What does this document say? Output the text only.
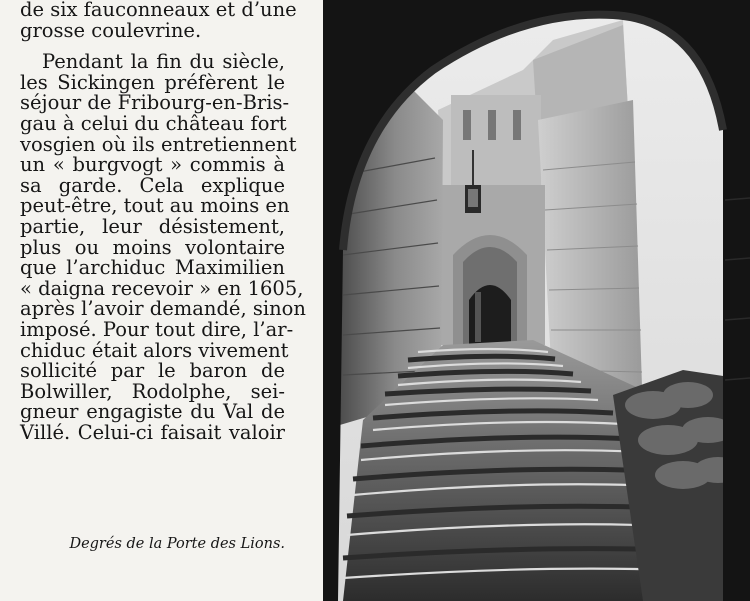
de six fauconneaux et d’une
grosse coulevrine.

Pendant la fin du siècle,
les Sickingen préfèrent le
séjour de Fribourg-en-Bris-
gau à celui du château fort
vosgien où ils entretiennent
un « burgvogt » commis à
sa garde. Cela explique
peut-être, tout au moins en
partie, leur désistement,
plus ou moins volontaire
que l’archiduc Maximilien
« daigna recevoir » en 1605,
après l’avoir demandé, sinon
imposé. Pour tout dire, l’ar-
chiduc était alors vivement
sollicité par le baron de
Bolwiller, Rodolphe, sei-
gneur engagiste du Val de
Villé. Celui-ci faisait valoir

Degrés de la Porte des Lions.
